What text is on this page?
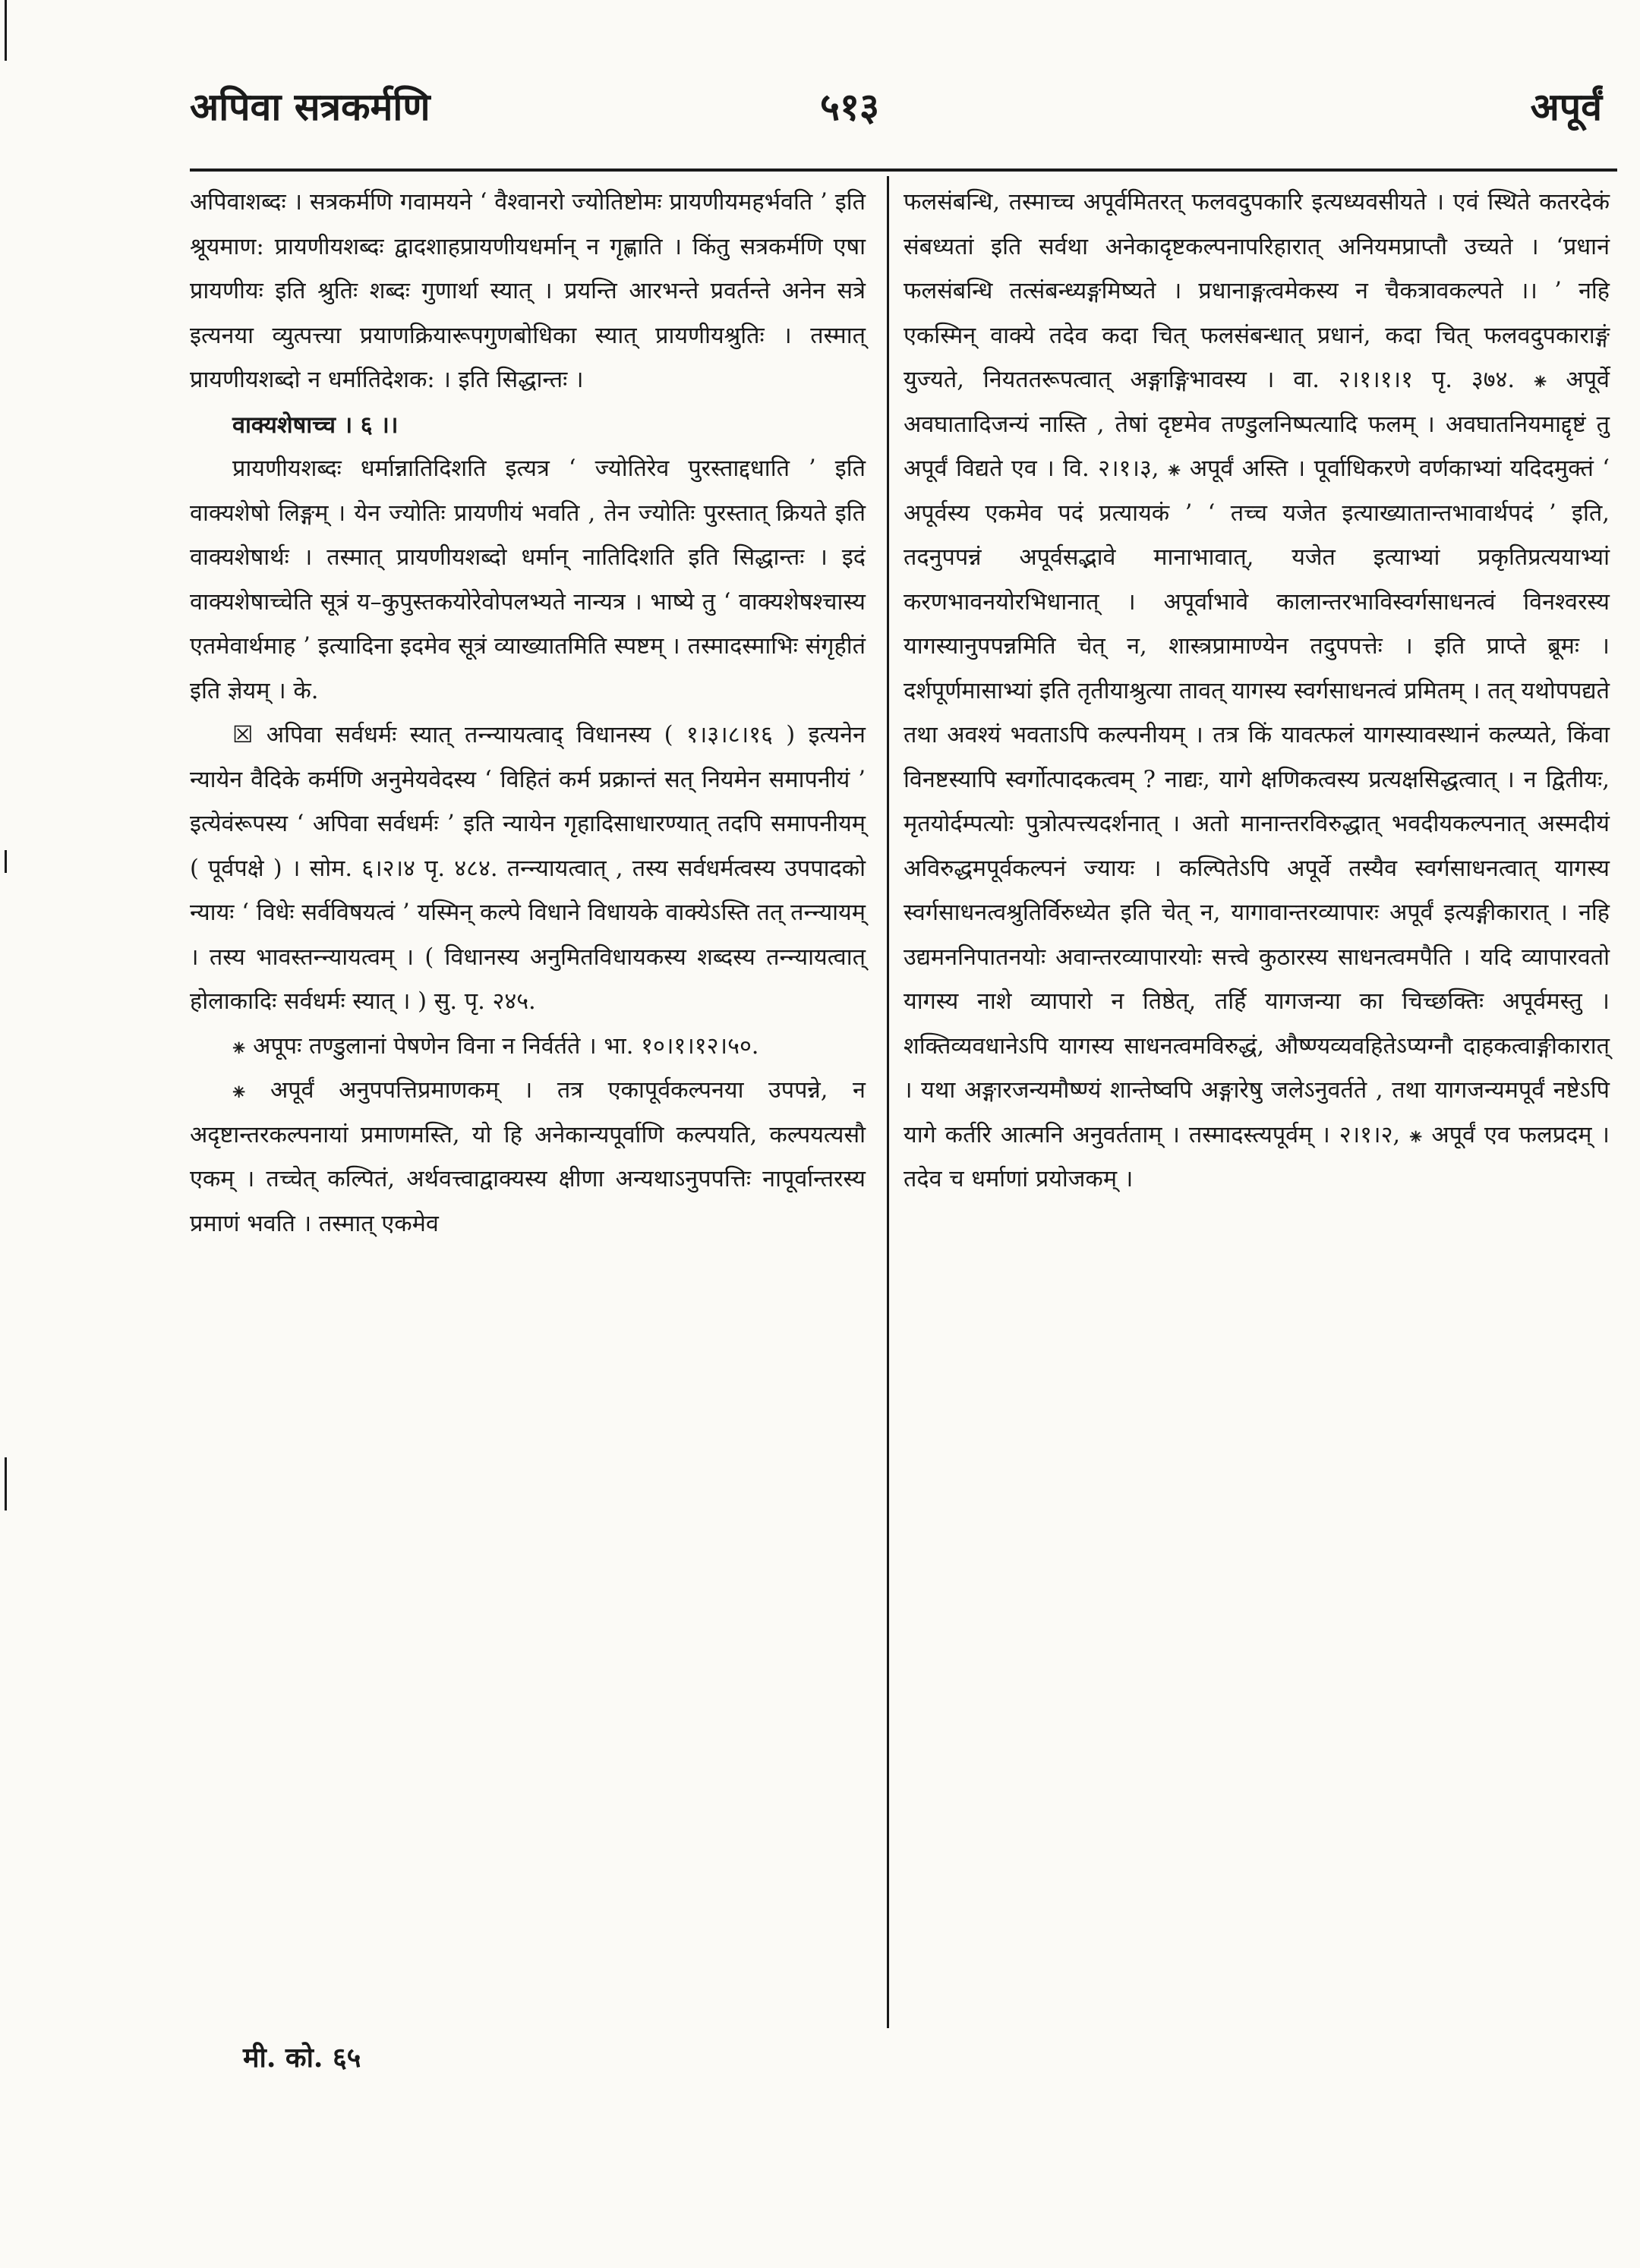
अपिवा सत्रकर्मणि	५१३	अपूर्वं

अपिवाशब्दः । सत्रकर्मणि गवामयने ‘ वैश्वानरो ज्योतिष्टोमः प्रायणीयमहर्भवति ’ इति श्रूयमाण: प्रायणीयशब्दः द्वादशाहप्रायणीयधर्मान् न गृह्णाति । किंतु सत्रकर्मणि एषा प्रायणीयः इति श्रुतिः शब्दः गुणार्था स्यात् । प्रयन्ति आरभन्ते प्रवर्तन्ते अनेन सत्रे इत्यनया व्युत्पत्त्या प्रयाणक्रियारूपगुणबोधिका स्यात् प्रायणीयश्रुतिः । तस्मात् प्रायणीयशब्दो न धर्मातिदेशक: । इति सिद्धान्तः ।

वाक्यशेषाच्च । ६ ।।

प्रायणीयशब्दः धर्मान्नातिदिशति इत्यत्र ‘ ज्योतिरेव पुरस्ताद्दधाति ’ इति वाक्यशेषो लिङ्गम् । येन ज्योतिः प्रायणीयं भवति , तेन ज्योतिः पुरस्तात् क्रियते इति वाक्यशेषार्थः । तस्मात् प्रायणीयशब्दो धर्मान् नातिदिशति इति सिद्धान्तः । इदं वाक्यशेषाच्चेति सूत्रं य–कुपुस्तकयोरेवोपलभ्यते नान्यत्र । भाष्ये तु ‘ वाक्यशेषश्चास्य एतमेवार्थमाह ’ इत्यादिना इदमेव सूत्रं व्याख्यातमिति स्पष्टम् । तस्मादस्माभिः संगृहीतं इति ज्ञेयम् । के.

☒ अपिवा सर्वधर्मः स्यात् तन्न्यायत्वाद् विधानस्य ( १।३।८।१६ ) इत्यनेन न्यायेन वैदिके कर्मणि अनुमेयवेदस्य ‘ विहितं कर्म प्रक्रान्तं सत् नियमेन समापनीयं ’ इत्येवंरूपस्य ‘ अपिवा सर्वधर्मः ’ इति न्यायेन गृहादिसाधारण्यात् तदपि समापनीयम् ( पूर्वपक्षे ) । सोम. ६।२।४ पृ. ४८४. तन्न्यायत्वात् , तस्य सर्वधर्मत्वस्य उपपादको न्यायः ‘ विधेः सर्वविषयत्वं ’ यस्मिन् कल्पे विधाने विधायके वाक्येऽस्ति तत् तन्न्यायम् । तस्य भावस्तन्न्यायत्वम् । ( विधानस्य अनुमितविधायकस्य शब्दस्य तन्न्यायत्वात् होलाकादिः सर्वधर्मः स्यात् । ) सु. पृ. २४५.

⁕ अपूपः तण्डुलानां पेषणेन विना न निर्वर्तते । भा. १०।१।१२।५०.

⁕ अपूर्वं अनुपपत्तिप्रमाणकम् । तत्र एकापूर्वकल्पनया उपपन्ने, न अदृष्टान्तरकल्पनायां प्रमाणमस्ति, यो हि अनेकान्यपूर्वाणि कल्पयति, कल्पयत्यसौ एकम् । तच्चेत् कल्पितं, अर्थवत्त्वाद्वाक्यस्य क्षीणा अन्यथाऽनुपपत्तिः नापूर्वान्तरस्य प्रमाणं भवति । तस्मात् एकमेव

फलसंबन्धि, तस्माच्च अपूर्वमितरत् फलवदुपकारि इत्यध्यवसीयते । एवं स्थिते कतरदेकं संबध्यतां इति सर्वथा अनेकादृष्टकल्पनापरिहारात् अनियमप्राप्तौ उच्यते । ‘प्रधानं फलसंबन्धि तत्संबन्ध्यङ्गमिष्यते । प्रधानाङ्गत्वमेकस्य न चैकत्रावकल्पते ।। ’ नहि एकस्मिन् वाक्ये तदेव कदा चित् फलसंबन्धात् प्रधानं, कदा चित् फलवदुपकाराङ्गं युज्यते, नियततरूपत्वात् अङ्गाङ्गिभावस्य । वा. २।१।१।१ पृ. ३७४. ⁕ अपूर्वे अवघातादिजन्यं नास्ति , तेषां दृष्टमेव तण्डुलनिष्पत्यादि फलम् । अवघातनियमाद्दृष्टं तु अपूर्वं विद्यते एव । वि. २।१।३, ⁕ अपूर्वं अस्ति । पूर्वाधिकरणे वर्णकाभ्यां यदिदमुक्तं ‘ अपूर्वस्य एकमेव पदं प्रत्यायकं ’ ‘ तच्च यजेत इत्याख्यातान्तभावार्थपदं ’ इति, तदनुपपन्नं अपूर्वसद्भावे मानाभावात्, यजेत इत्याभ्यां प्रकृतिप्रत्ययाभ्यां करणभावनयोरभिधानात् । अपूर्वाभावे कालान्तरभाविस्वर्गसाधनत्वं विनश्वरस्य यागस्यानुपपन्नमिति चेत् न, शास्त्रप्रामाण्येन तदुपपत्तेः । इति प्राप्ते ब्रूमः । दर्शपूर्णमासाभ्यां इति तृतीयाश्रुत्या तावत् यागस्य स्वर्गसाधनत्वं प्रमितम् । तत् यथोपपद्यते तथा अवश्यं भवताऽपि कल्पनीयम् । तत्र किं यावत्फलं यागस्यावस्थानं कल्प्यते, किंवा विनष्टस्यापि स्वर्गोत्पादकत्वम् ? नाद्यः, यागे क्षणिकत्वस्य प्रत्यक्षसिद्धत्वात् । न द्वितीयः, मृतयोर्दम्पत्योः पुत्रोत्पत्त्यदर्शनात् । अतो मानान्तरविरुद्धात् भवदीयकल्पनात् अस्मदीयं अविरुद्धमपूर्वकल्पनं ज्यायः । कल्पितेऽपि अपूर्वे तस्यैव स्वर्गसाधनत्वात् यागस्य स्वर्गसाधनत्वश्रुतिर्विरुध्येत इति चेत् न, यागावान्तरव्यापारः अपूर्वं इत्यङ्गीकारात् । नहि उद्यमननिपातनयोः अवान्तरव्यापारयोः सत्त्वे कुठारस्य साधनत्वमपैति । यदि व्यापारवतो यागस्य नाशे व्यापारो न तिष्ठेत्, तर्हि यागजन्या का चिच्छक्तिः अपूर्वमस्तु । शक्तिव्यवधानेऽपि यागस्य साधनत्वमविरुद्धं, औष्ण्यव्यवहितेऽप्यग्नौ दाहकत्वाङ्गीकारात् । यथा अङ्गारजन्यमौष्ण्यं शान्तेष्वपि अङ्गारेषु जलेऽनुवर्तते , तथा यागजन्यमपूर्वं नष्टेऽपि यागे कर्तरि आत्मनि अनुवर्तताम् । तस्मादस्त्यपूर्वम् । २।१।२, ⁕ अपूर्वं एव फलप्रदम् । तदेव च धर्माणां प्रयोजकम् ।

मी. को. ६५
